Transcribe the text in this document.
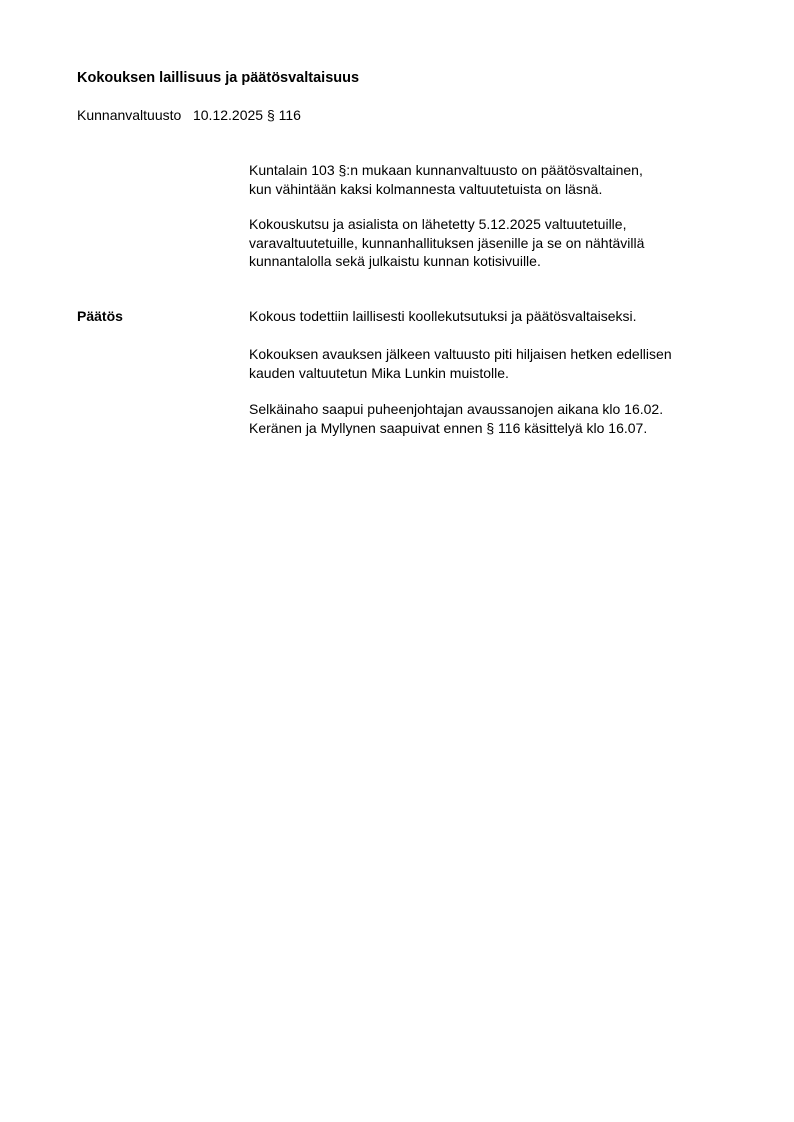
Kokouksen laillisuus ja päätösvaltaisuus

Kunnanvaltuusto 10.12.2025 § 116

Kuntalain 103 §:n mukaan kunnanvaltuusto on päätösvaltainen,
kun vähintään kaksi kolmannesta valtuutetuista on läsnä.

Kokouskutsu ja asialista on lähetetty 5.12.2025 valtuutetuille,
varavaltuutetuille, kunnanhallituksen jäsenille ja se on nähtävillä
kunnantalolla sekä julkaistu kunnan kotisivuille.

Päätös	Kokous todettiin laillisesti koollekutsutuksi ja päätösvaltaiseksi.

Kokouksen avauksen jälkeen valtuusto piti hiljaisen hetken edellisen
kauden valtuutetun Mika Lunkin muistolle.

Selkäinaho saapui puheenjohtajan avaussanojen aikana klo 16.02.
Keränen ja Myllynen saapuivat ennen § 116 käsittelyä klo 16.07.
